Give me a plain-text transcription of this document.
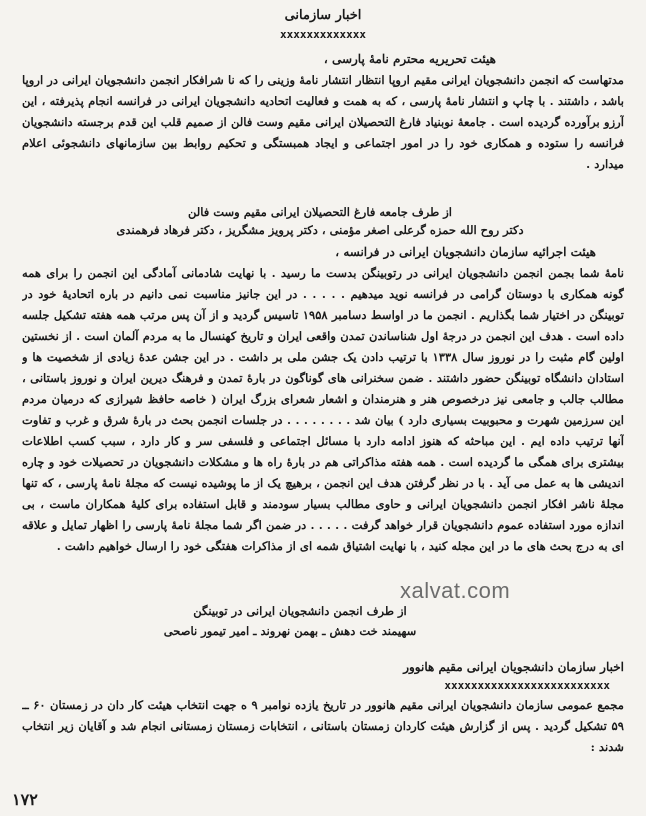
اخبار سازمانی
xxxxxxxxxxxxx
هیئت تحریریه محترم نامهٔ پارسی ،
مدتهاست که انجمن دانشجویان ایرانی مقیم اروپا انتظار انتشار نامهٔ وزینی را که نا شرافکار انجمن دانشجویان ایرانی در اروپا باشد ، داشتند . با چاپ و انتشار نامهٔ پارسی ، که به همت و فعالیت اتحادیه دانشجویان ایرانی در فرانسه انجام پذیرفته ، این آرزو برآورده گردیده است . جامعهٔ نوبنیاد فارغ التحصیلان ایرانی مقیم وست فالن از صمیم قلب این قدم برجسته دانشجویان فرانسه را ستوده و همکاری خود را در امور اجتماعی و ایجاد همبستگی و تحکیم روابط بین سازمانهای دانشجوئی اعلام میدارد .
از طرف جامعه فارغ التحصیلان ایرانی مقیم وست فالن
دکتر روح الله حمزه گرعلی اصغر مؤمنی ، دکتر پرویز مشگریز ، دکتر فرهاد فرهمندی
هیئت اجرائیه سازمان دانشجویان ایرانی در فرانسه ،
نامهٔ شما بجمن انجمن دانشجویان ایرانی در رتوبینگن بدست ما رسید . با نهایت شادمانی آمادگی این انجمن را برای همه گونه همکاری با دوستان گرامی در فرانسه نوید میدهیم . . . . . در این جانیز مناسبت نمی دانیم در باره اتحادیهٔ خود در توبینگن در اختیار شما بگذاریم . انجمن ما در اواسط دسامبر ۱۹۵۸ تاسیس گردید و از آن پس مرتب همه هفته تشکیل جلسه داده است . هدف این انجمن در درجهٔ اول شناساندن تمدن واقعی ایران و تاریخ کهنسال ما به مردم آلمان است . از نخستین اولین گام مثبت را در نوروز سال ۱۳۳۸ با ترتیب دادن یک جشن ملی بر داشت . در این جشن عدهٔ زیادی از شخصیت ها و استادان دانشگاه توبینگن حضور داشتند . ضمن سخنرانی های گوناگون در بارهٔ تمدن و فرهنگ دیرین ایران و نوروز باستانی ، مطالب جالب و جامعی نیز درخصوص هنر و هنرمندان و اشعار شعرای بزرگ ایران ( خاصه حافظ شیرازی که درمیان مردم این سرزمین شهرت و محبوبیت بسیاری دارد ) بیان شد . . . . . . . . در جلسات انجمن بحث در بارهٔ شرق و غرب و تفاوت آنها ترتیب داده ایم . این مباحثه که هنوز ادامه دارد با مسائل اجتماعی و فلسفی سر و کار دارد ، سبب کسب اطلاعات بیشتری برای همگی ما گردیده است . همه هفته مذاکراتی هم در بارهٔ راه ها و مشکلات دانشجویان در تحصیلات خود و چاره اندیشی ها به عمل می آید . با در نظر گرفتن هدف این انجمن ، برهیچ یک از ما پوشیده نیست که مجلهٔ نامهٔ پارسی ، که تنها مجلهٔ ناشر افکار انجمن دانشجویان ایرانی و حاوی مطالب بسیار سودمند و قابل استفاده برای کلیهٔ همکاران ماست ، بی اندازه مورد استفاده عموم دانشجویان قرار خواهد گرفت . . . . . در ضمن اگر شما مجلهٔ نامهٔ پارسی را اظهار تمایل و علاقه ای به درج بحث های ما در این مجله کنید ، با نهایت اشتیاق شمه ای از مذاکرات هفتگی خود را ارسال خواهیم داشت .
از طرف انجمن دانشجویان ایرانی در توبینگن
سهیمند خت دهش ـ بهمن نهروند ـ امیر تیمور ناصحی
xalvat.com
اخبار سازمان دانشجویان ایرانی مقیم هانوور
xxxxxxxxxxxxxxxxxxxxxxxxx
مجمع عمومی سازمان دانشجویان ایرانی مقیم هانوور در تاریخ یازده نوامبر ۹ ه جهت انتخاب هیئت کار دان در زمستان ۶۰ ــ ۵۹ تشکیل گردید . پس از گزارش هیئت کاردان زمستان باستانی ، انتخابات زمستان زمستانی انجام شد و آقایان زیر انتخاب شدند :
۱۷۲
